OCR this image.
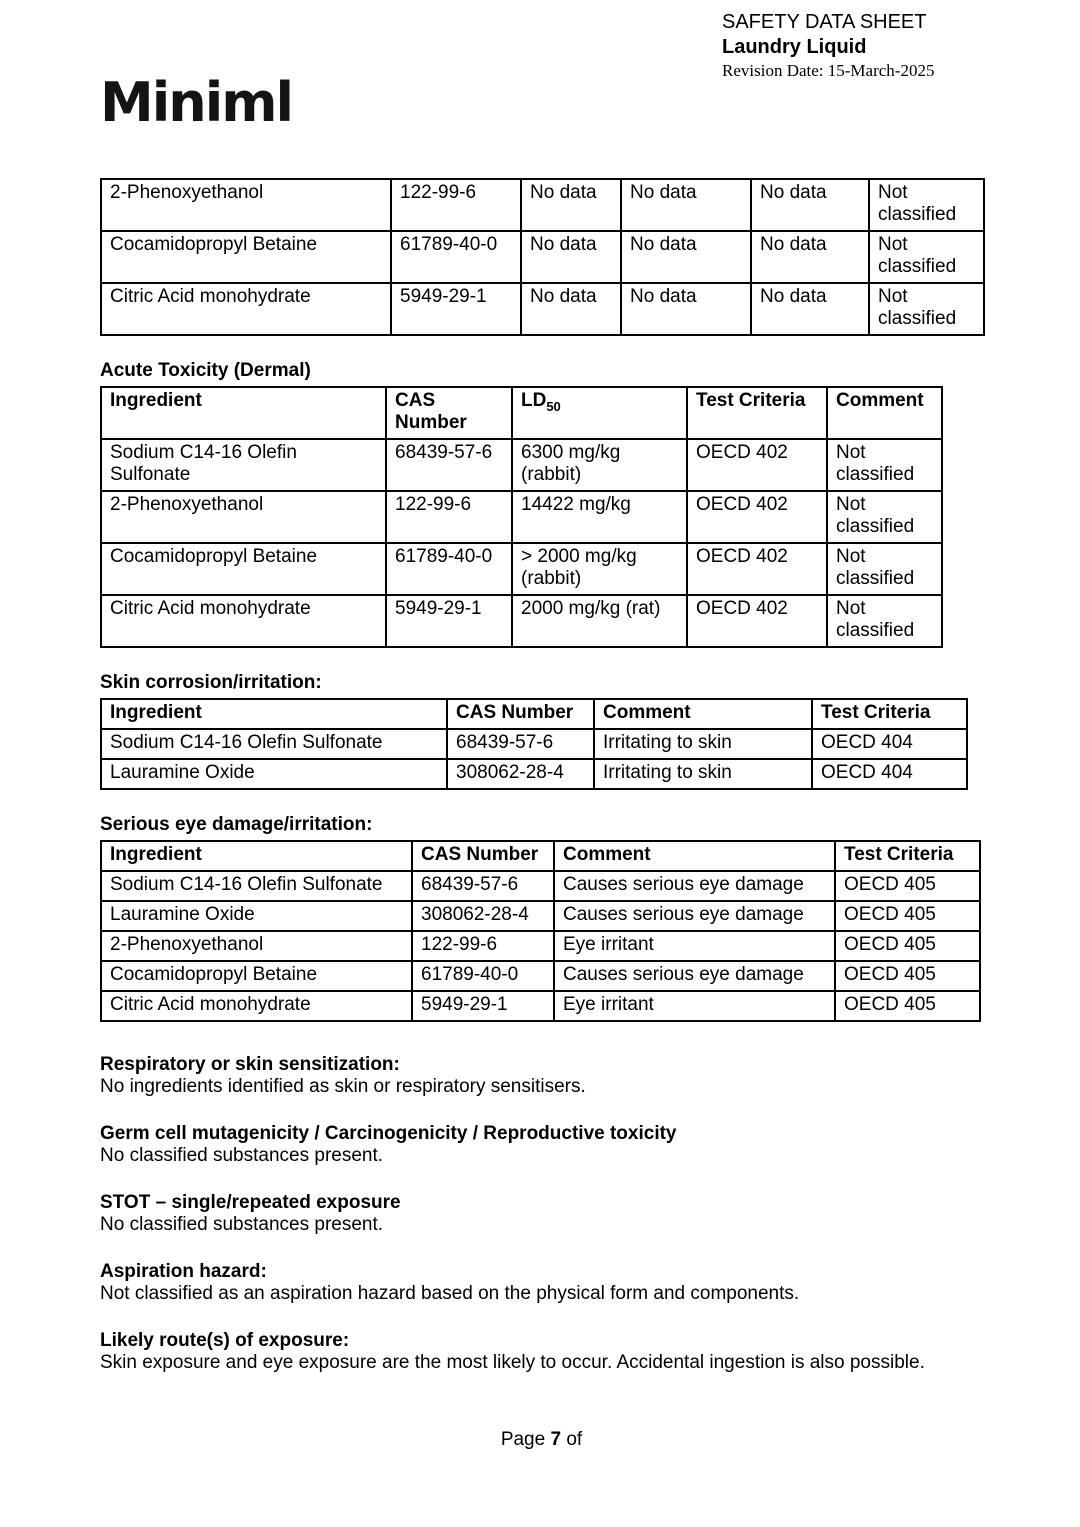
Miniml
SAFETY DATA SHEET
Laundry Liquid
Revision Date: 15-March-2025
2-Phenoxyethanol	122-99-6	No data	No data	No data	Not classified
Cocamidopropyl Betaine	61789-40-0	No data	No data	No data	Not classified
Citric Acid monohydrate	5949-29-1	No data	No data	No data	Not classified
Acute Toxicity (Dermal)
Ingredient	CAS Number	$LD_{50}$	Test Criteria	Comment
Sodium C14-16 Olefin Sulfonate	68439-57-6	6300 mg/kg (rabbit)	OECD 402	Not classified
2-Phenoxyethanol	122-99-6	14422 mg/kg	OECD 402	Not classified
Cocamidopropyl Betaine	61789-40-0	> 2000 mg/kg (rabbit)	OECD 402	Not classified
Citric Acid monohydrate	5949-29-1	2000 mg/kg (rat)	OECD 402	Not classified
Skin corrosion/irritation:
Ingredient	CAS Number	Comment	Test Criteria
Sodium C14-16 Olefin Sulfonate	68439-57-6	Irritating to skin	OECD 404
Lauramine Oxide	308062-28-4	Irritating to skin	OECD 404
Serious eye damage/irritation:
Ingredient	CAS Number	Comment	Test Criteria
Sodium C14-16 Olefin Sulfonate	68439-57-6	Causes serious eye damage	OECD 405
Lauramine Oxide	308062-28-4	Causes serious eye damage	OECD 405
2-Phenoxyethanol	122-99-6	Eye irritant	OECD 405
Cocamidopropyl Betaine	61789-40-0	Causes serious eye damage	OECD 405
Citric Acid monohydrate	5949-29-1	Eye irritant	OECD 405
Respiratory or skin sensitization:
No ingredients identified as skin or respiratory sensitisers.
Germ cell mutagenicity / Carcinogenicity / Reproductive toxicity
No classified substances present.
STOT – single/repeated exposure
No classified substances present.
Aspiration hazard:
Not classified as an aspiration hazard based on the physical form and components.
Likely route(s) of exposure:
Skin exposure and eye exposure are the most likely to occur. Accidental ingestion is also possible.
Page 7 of
